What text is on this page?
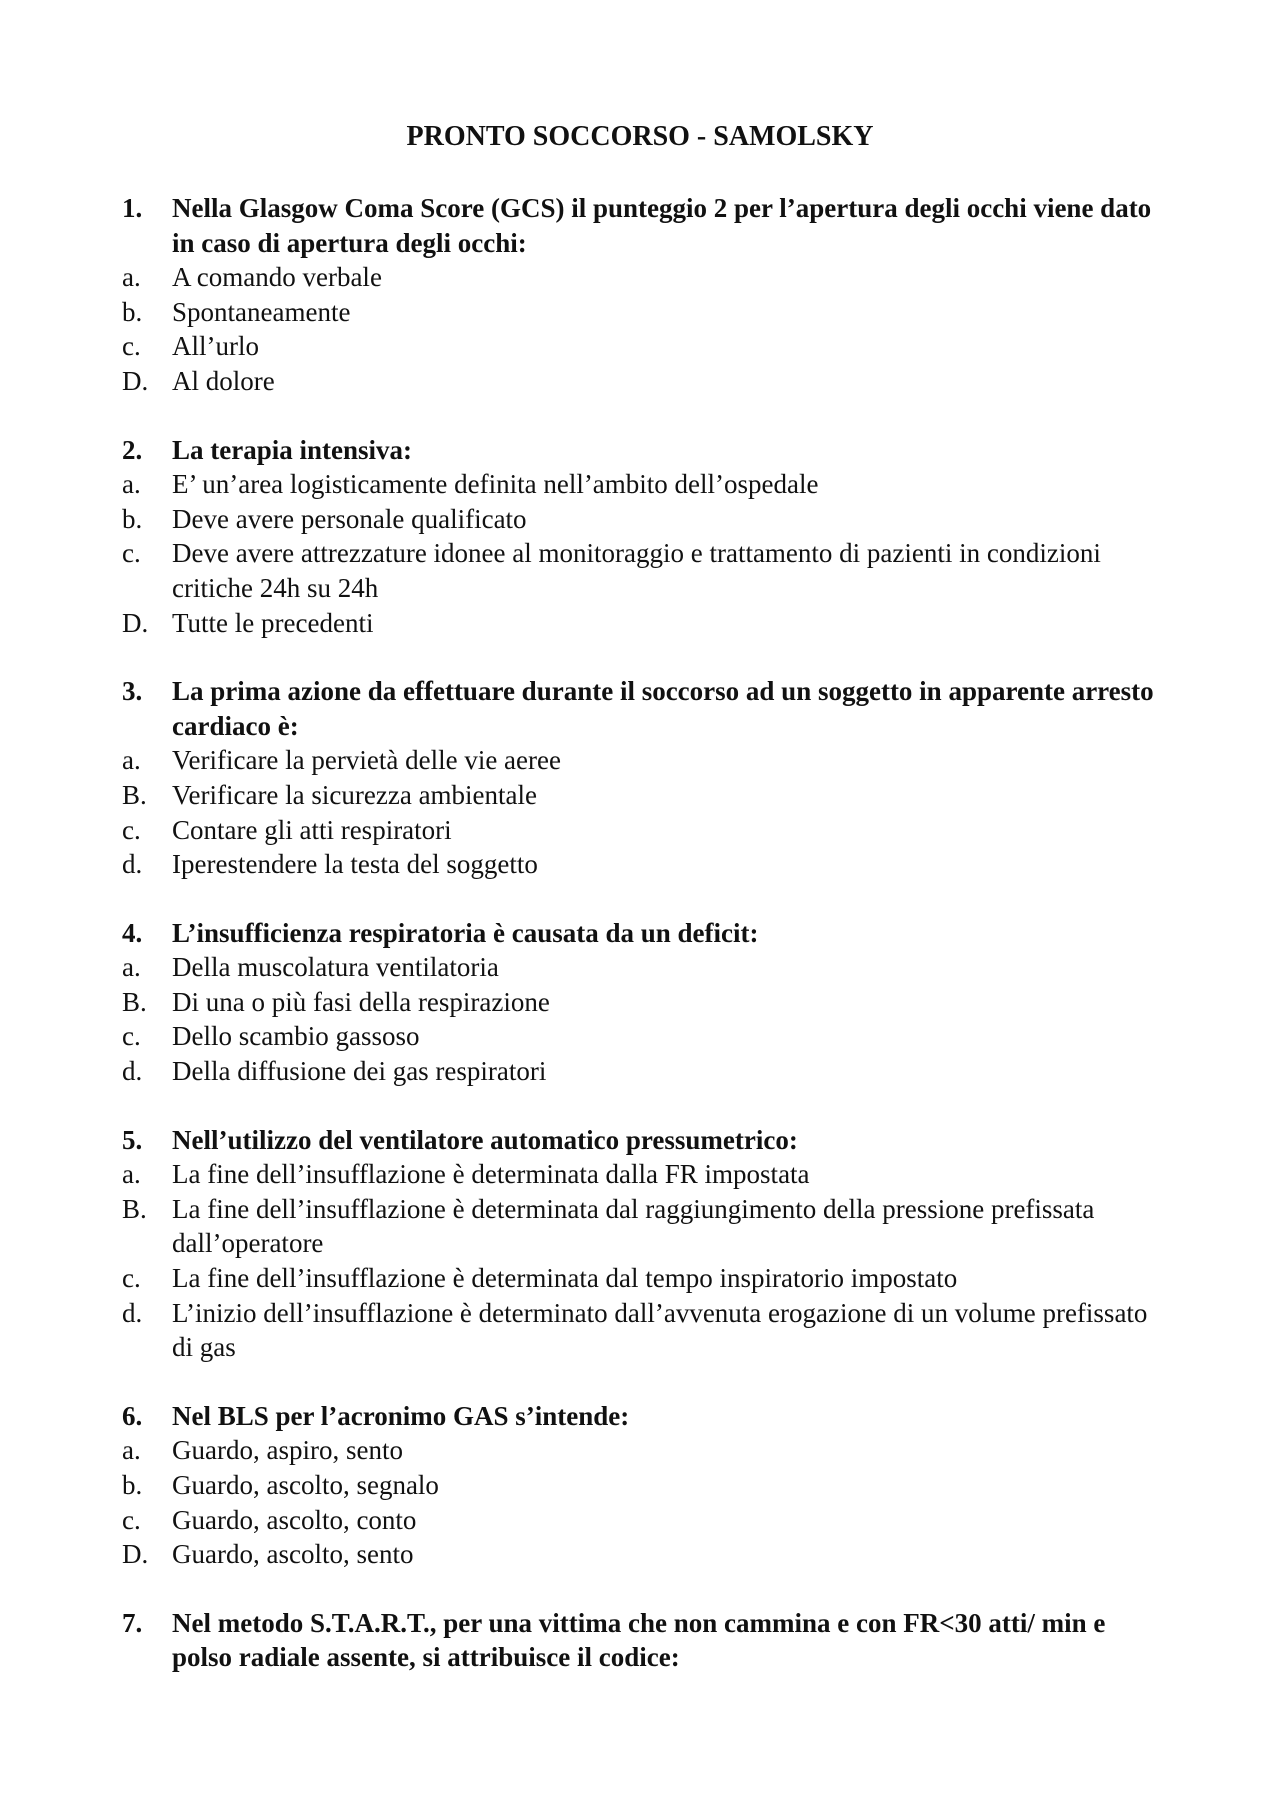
PRONTO SOCCORSO - SAMOLSKY
1.	Nella Glasgow Coma Score (GCS) il punteggio 2 per l’apertura degli occhi viene dato in caso di apertura degli occhi:
a.	A comando verbale
b.	Spontaneamente
c.	All’urlo
D. Al dolore
2.	La terapia intensiva:
a.	E’ un’area logisticamente definita nell’ambito dell’ospedale
b.	Deve avere personale qualificato
c.	Deve avere attrezzature idonee al monitoraggio e trattamento di pazienti in condizioni critiche 24h su 24h
D. Tutte le precedenti
3.	La prima azione da effettuare durante il soccorso ad un soggetto in apparente arresto cardiaco è:
a.	Verificare la pervietà delle vie aeree
B. Verificare la sicurezza ambientale
c.	Contare gli atti respiratori
d.	Iperestendere la testa del soggetto
4.	L’insufficienza respiratoria è causata da un deficit:
a.	Della muscolatura ventilatoria
B. Di una o più fasi della respirazione
c.	Dello scambio gassoso
d.	Della diffusione dei gas respiratori
5.	Nell’utilizzo del ventilatore automatico pressumetrico:
a.	La fine dell’insufflazione è determinata dalla FR impostata
B. La fine dell’insufflazione è determinata dal raggiungimento della pressione prefissata dall’operatore
c.	La fine dell’insufflazione è determinata dal tempo inspiratorio impostato
d.	L’inizio dell’insufflazione è determinato dall’avvenuta erogazione di un volume prefissato di gas
6.	Nel BLS per l’acronimo GAS s’intende:
a.	Guardo, aspiro, sento
b.	Guardo, ascolto, segnalo
c.	Guardo, ascolto, conto
D. Guardo, ascolto, sento
7.	Nel metodo S.T.A.R.T., per una vittima che non cammina e con FR<30 atti/ min e polso radiale assente, si attribuisce il codice:
